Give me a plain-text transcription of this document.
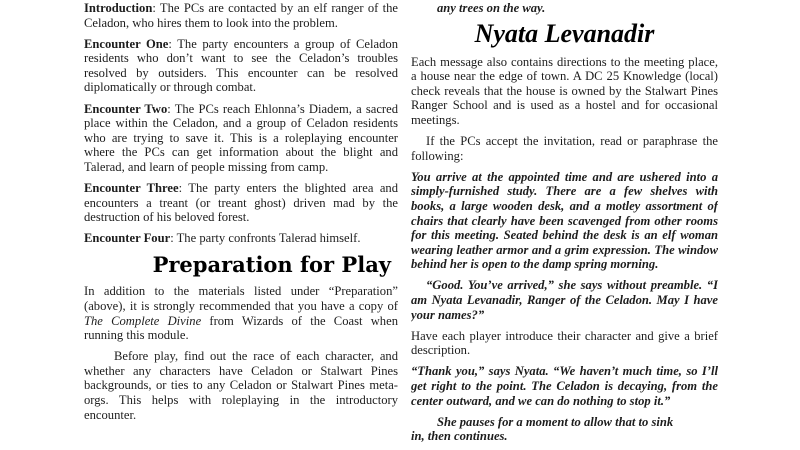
Introduction: The PCs are contacted by an elf ranger of the Celadon, who hires them to look into the problem.

Encounter One: The party encounters a group of Celadon residents who don’t want to see the Celadon’s troubles resolved by outsiders. This encounter can be resolved diplomatically or through combat.

Encounter Two: The PCs reach Ehlonna’s Diadem, a sacred place within the Celadon, and a group of Celadon residents who are trying to save it. This is a roleplaying encounter where the PCs can get information about the blight and Talerad, and learn of people missing from camp.

Encounter Three: The party enters the blighted area and encounters a treant (or treant ghost) driven mad by the destruction of his beloved forest.

Encounter Four: The party confronts Talerad himself.

Preparation for Play

In addition to the materials listed under “Preparation” (above), it is strongly recommended that you have a copy of The Complete Divine from Wizards of the Coast when running this module.

Before play, find out the race of each character, and whether any characters have Celadon or Stalwart Pines backgrounds, or ties to any Celadon or Stalwart Pines meta-orgs. This helps with roleplaying in the introductory encounter.

any trees on the way.

Nyata Levanadir

Each message also contains directions to the meeting place, a house near the edge of town. A DC 25 Knowledge (local) check reveals that the house is owned by the Stalwart Pines Ranger School and is used as a hostel and for occasional meetings.

If the PCs accept the invitation, read or paraphrase the following:

You arrive at the appointed time and are ushered into a simply-furnished study. There are a few shelves with books, a large wooden desk, and a motley assortment of chairs that clearly have been scavenged from other rooms for this meeting. Seated behind the desk is an elf woman wearing leather armor and a grim expression. The window behind her is open to the damp spring morning.

“Good. You’ve arrived,” she says without preamble. “I am Nyata Levanadir, Ranger of the Celadon. May I have your names?”

Have each player introduce their character and give a brief description.

“Thank you,” says Nyata. “We haven’t much time, so I’ll get right to the point. The Celadon is decaying, from the center outward, and we can do nothing to stop it.”

She pauses for a moment to allow that to sink

in, then continues.
